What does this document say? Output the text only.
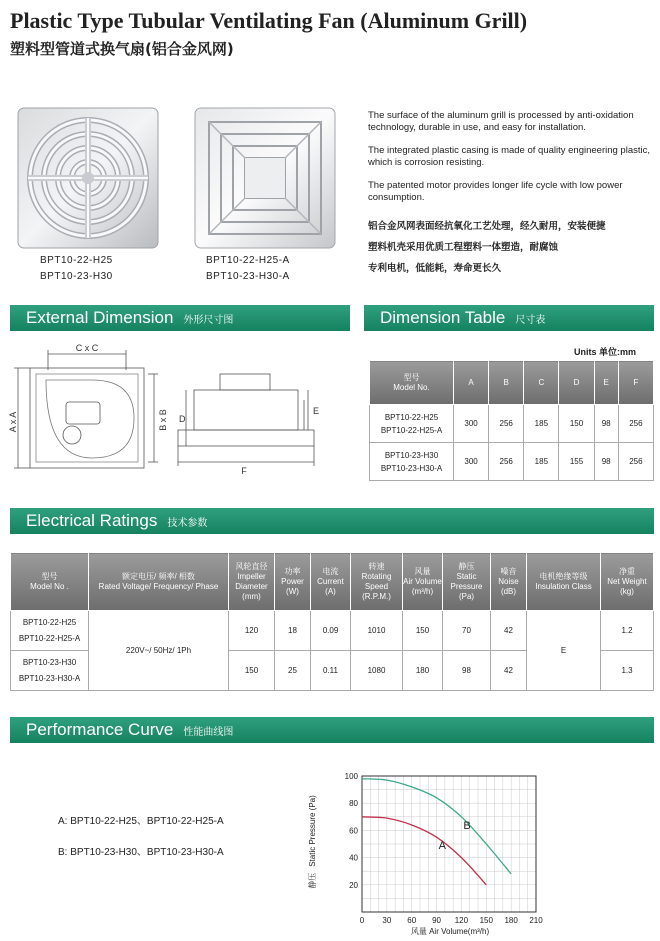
Plastic Type Tubular Ventilating Fan (Aluminum Grill)
塑料型管道式换气扇(铝合金风网)
BPT10-22-H25
BPT10-23-H30
BPT10-22-H25-A
BPT10-23-H30-A
The surface of the aluminum grill is processed by anti-oxidation technology, durable in use, and easy for installation.
The integrated plastic casing is made of quality engineering plastic, which is corrosion resisting.
The patented motor provides longer life cycle with low power consumption.
铝合金风网表面经抗氧化工艺处理，经久耐用，安装便捷
塑料机壳采用优质工程塑料一体塑造，耐腐蚀
专利电机，低能耗，寿命更长久
External Dimension 外形尺寸图	Dimension Table 尺寸表
C x C
A x A	B x B D
E
F
Units 单位:mm
型号
Model No.	A	B	C	D	E	F
BPT10-22-H25
BPT10-22-H25-A	300	256	185	150	98	256
BPT10-23-H30
BPT10-23-H30-A	300	256	185	155	98	256
Electrical Ratings 技术参数
型号
Model No .	额定电压/ 频率/ 相数
Rated Voltage/ Frequency/ Phase	风轮直径
Impeller Diameter (mm)	功率
Power (W)	电流
Current (A)	转速
Rotating Speed (R.P.M.)	风量
Air Volume (m³/h)	静压
Static Pressure (Pa)	噪音
Noise (dB)	电机绝缘等级
Insulation Class	净重
Net Weight (kg)
BPT10-22-H25
BPT10-22-H25-A	220V~/ 50Hz/ 1Ph	120	18	0.09	1010	150	70	42	E	1.2
BPT10-23-H30
BPT10-23-H30-A		150	25	0.11	1080	180	98	42		1.3
Performance Curve 性能曲线图
A: BPT10-22-H25、BPT10-22-H25-A
B: BPT10-23-H30、BPT10-23-H30-A
A
B
0 30 60 90 120 150 180 210
20
40
60
80
100
静压Static Pressure (Pa)
风量 Air Volume(m³/h)
